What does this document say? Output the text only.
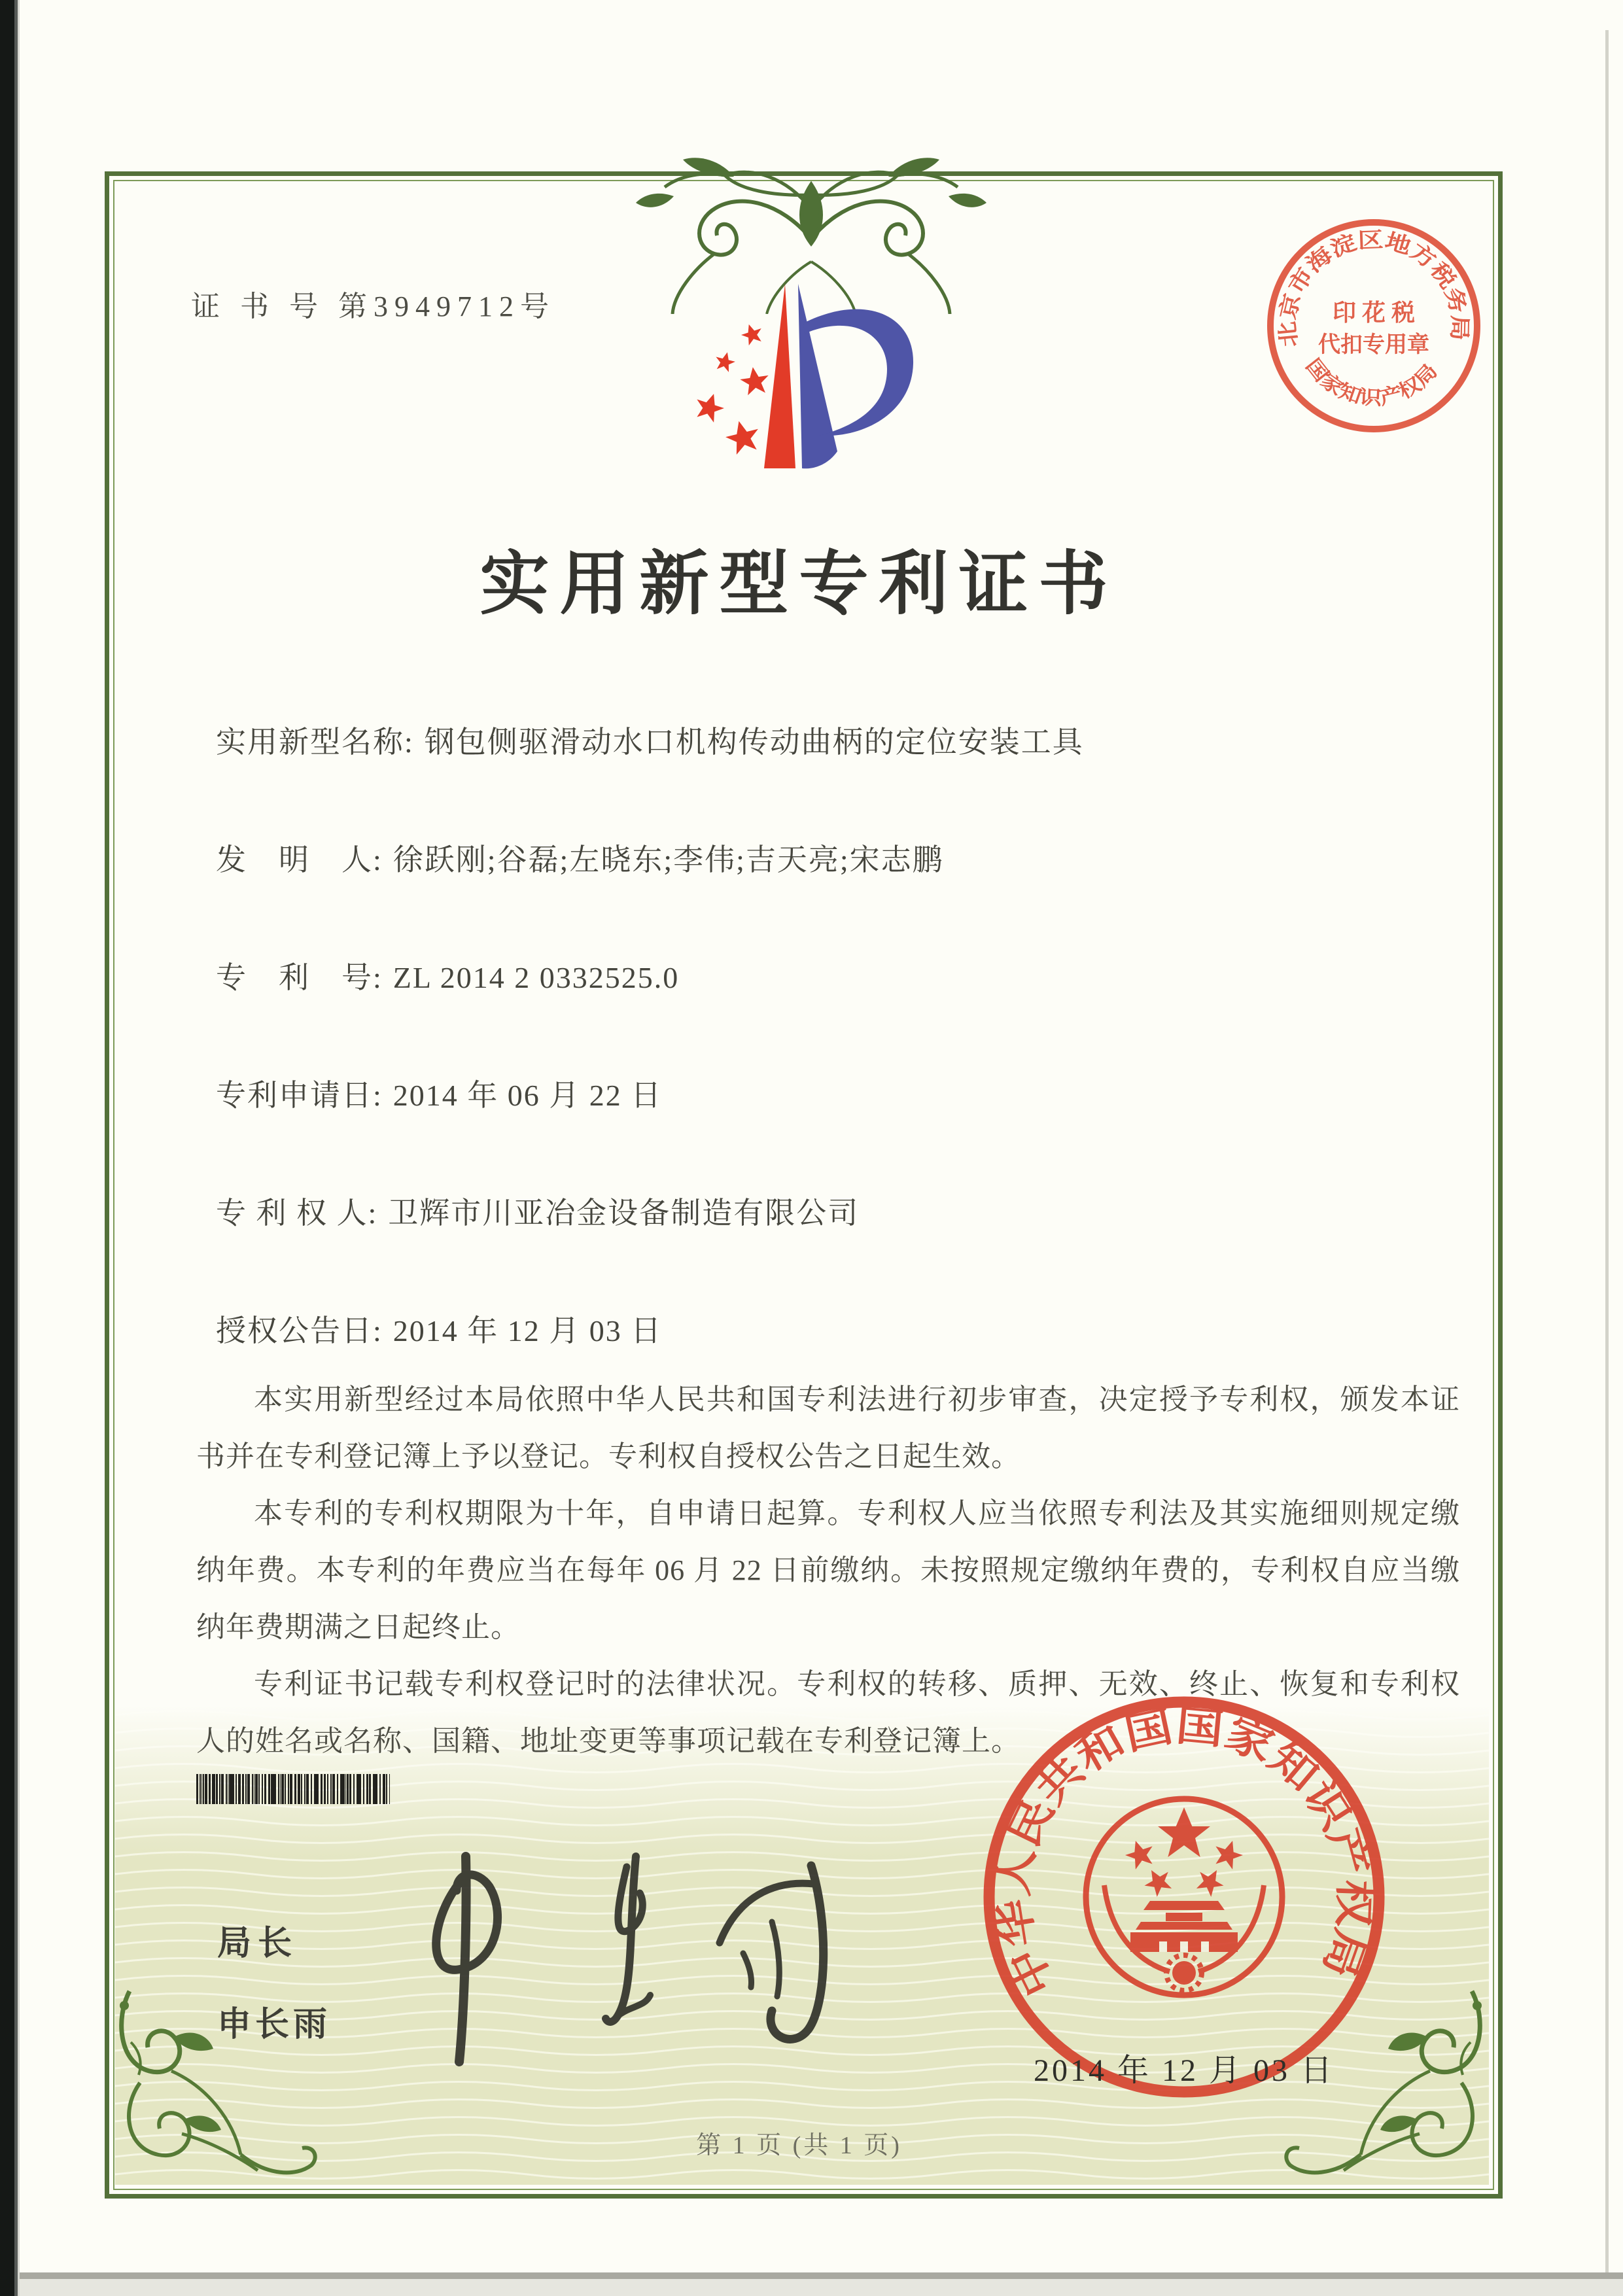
证 书 号 第3949712号
实用新型专利证书
实用新型名称: 钢包侧驱滑动水口机构传动曲柄的定位安装工具
发　明　人: 徐跃刚;谷磊;左晓东;李伟;吉天亮;宋志鹏
专　利　号: ZL 2014 2 0332525.0
专利申请日: 2014 年 06 月 22 日
专 利 权 人: 卫辉市川亚冶金设备制造有限公司
授权公告日: 2014 年 12 月 03 日

本实用新型经过本局依照中华人民共和国专利法进行初步审查，决定授予专利权，颁发本证书并在专利登记簿上予以登记。专利权自授权公告之日起生效。

本专利的专利权期限为十年，自申请日起算。专利权人应当依照专利法及其实施细则规定缴纳年费。本专利的年费应当在每年 06 月 22 日前缴纳。未按照规定缴纳年费的，专利权自应当缴纳年费期满之日起终止。

专利证书记载专利权登记时的法律状况。专利权的转移、质押、无效、终止、恢复和专利权人的姓名或名称、国籍、地址变更等事项记载在专利登记簿上。

局长
申长雨
中华人民共和国国家知识产权局
2014 年 12 月 03 日
北京市海淀区地方税务局
印 花 税
代扣专用章
国家知识产权局
第 1 页 (共 1 页)
